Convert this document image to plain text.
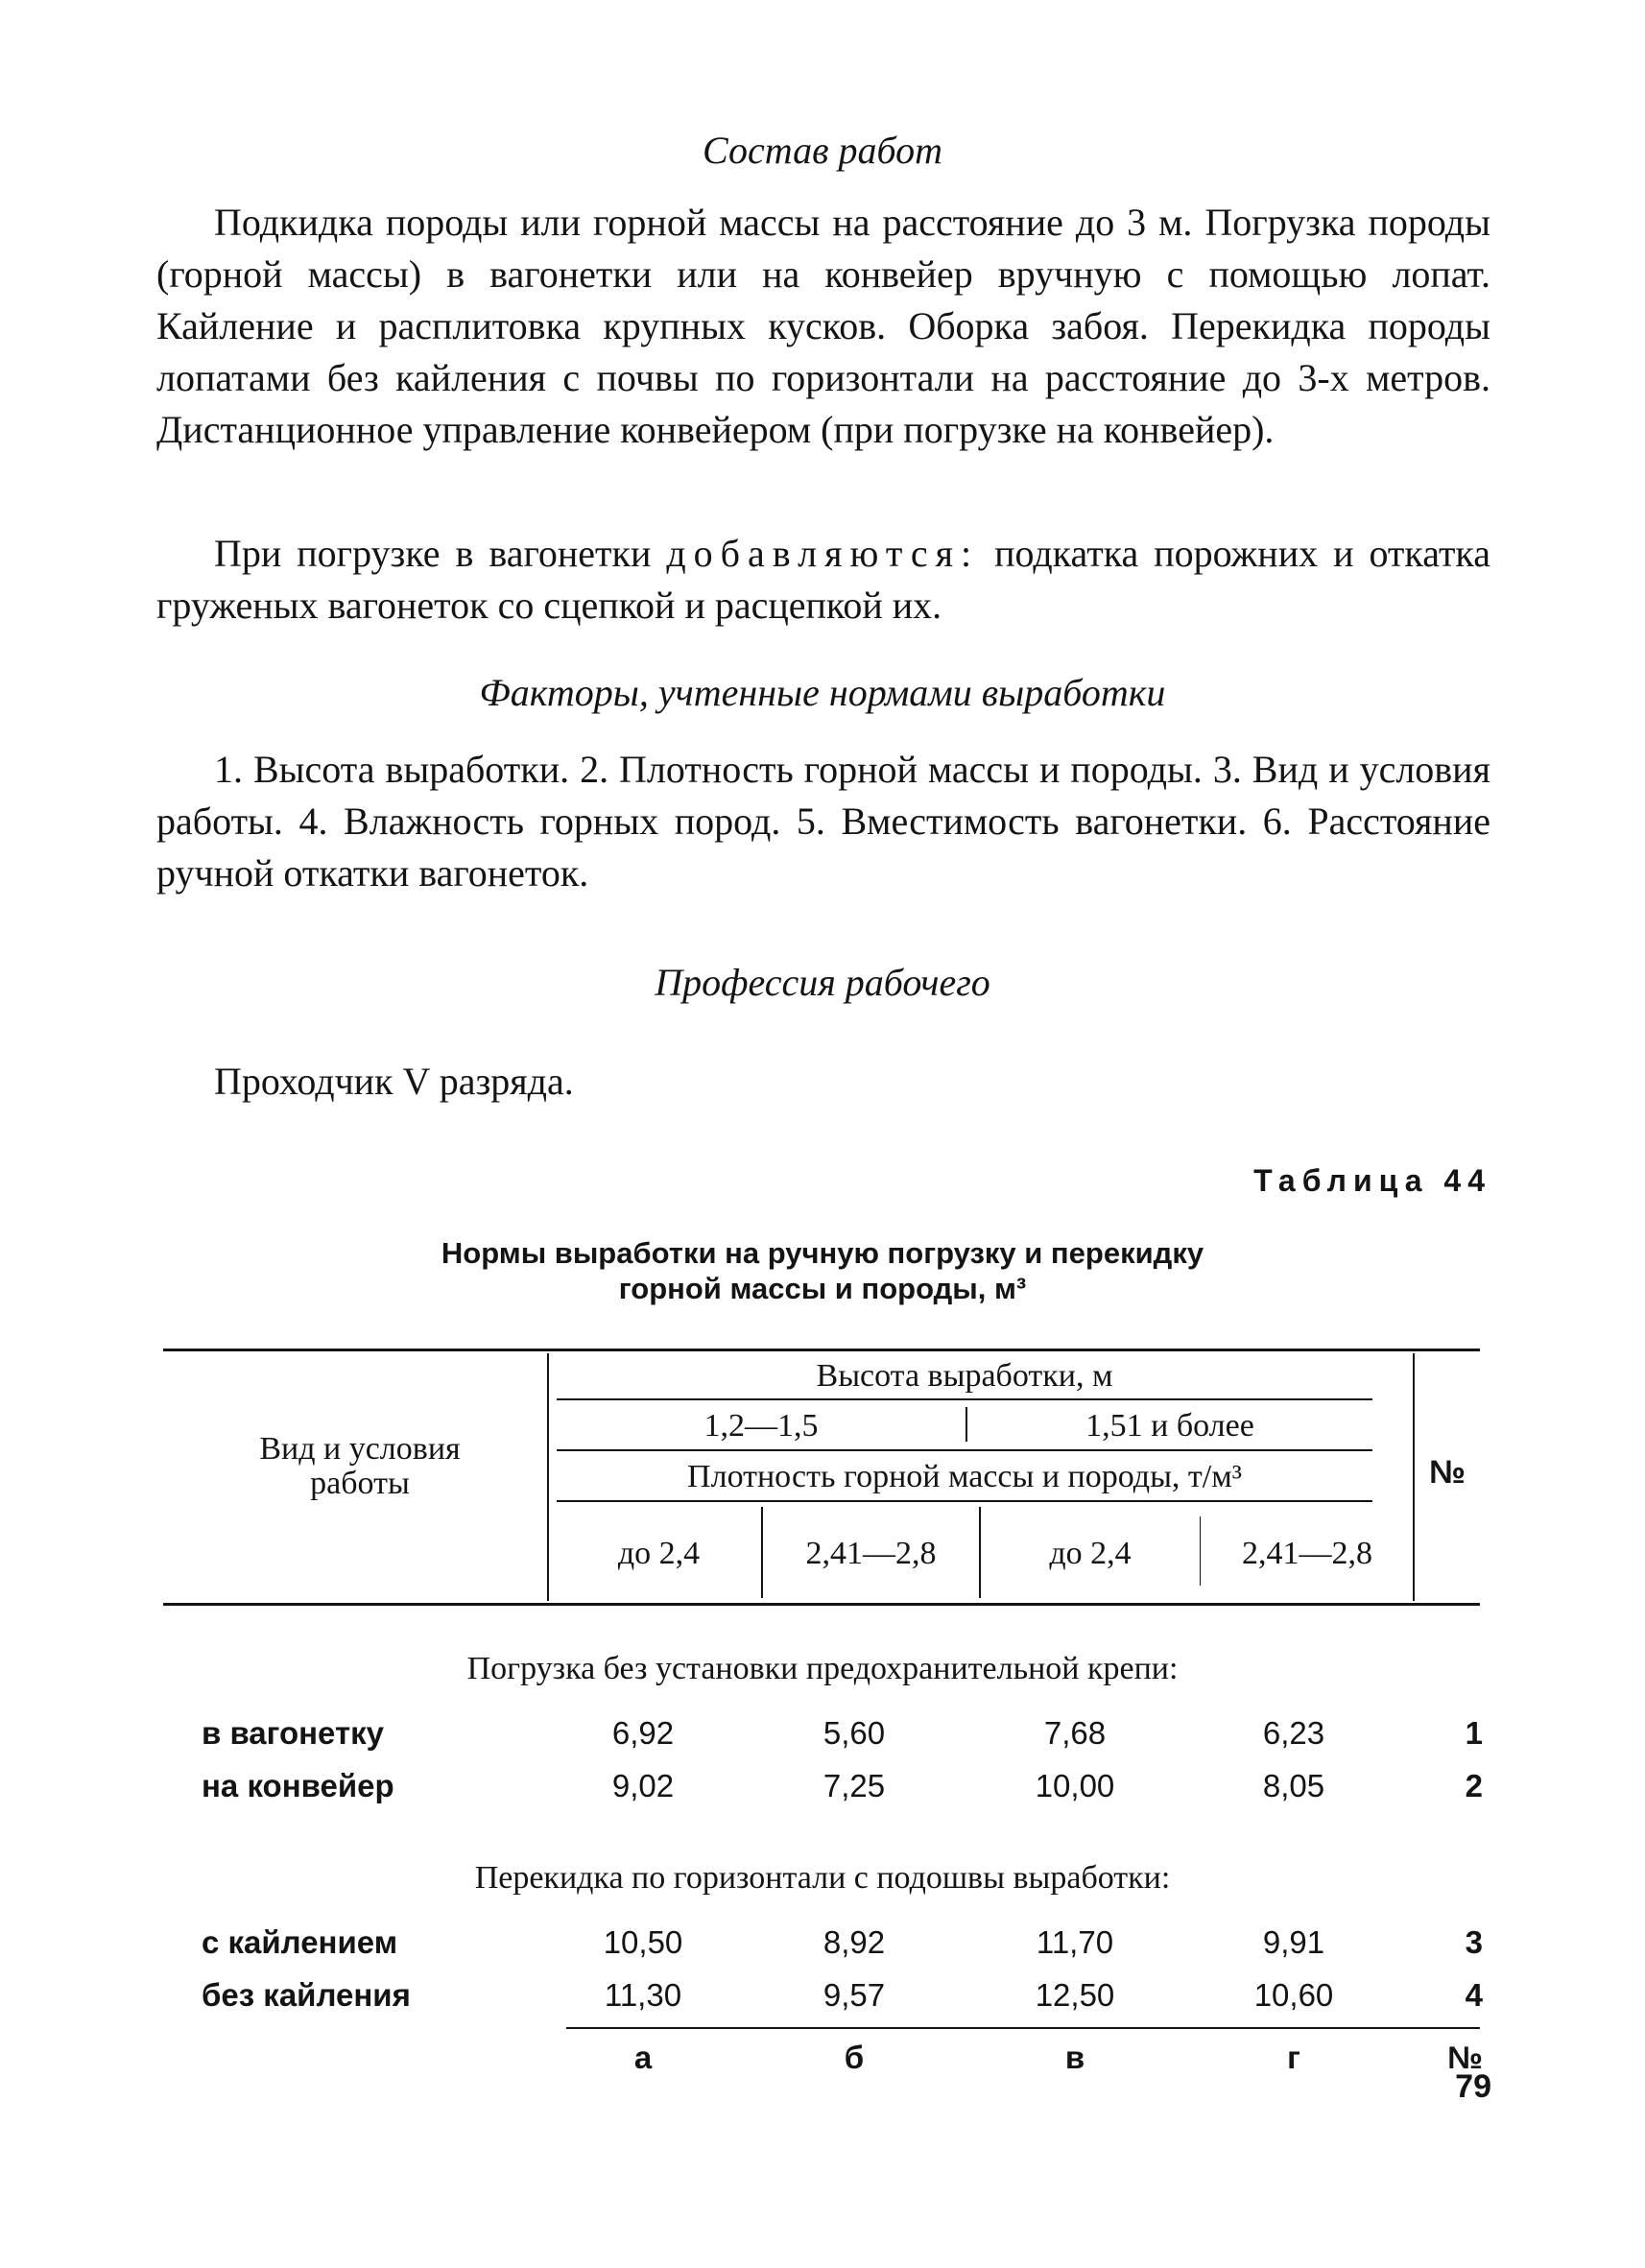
Состав работ

Подкидка породы или горной массы на расстояние до 3 м. Погрузка породы (горной массы) в вагонетки или на конвейер вручную с помощью лопат. Кайление и расплитовка крупных кусков. Оборка забоя. Перекидка породы лопатами без кайления с почвы по горизонтали на расстояние до 3-х метров. Дистанционное управление конвейером (при погрузке на конвейер).

При погрузке в вагонетки добавляются: подкатка порожних и откатка груженых вагонеток со сцепкой и расцепкой их.

Факторы, учтенные нормами выработки

1. Высота выработки. 2. Плотность горной массы и породы. 3. Вид и условия работы. 4. Влажность горных пород. 5. Вместимость вагонетки. 6. Расстояние ручной откатки вагонеток.

Профессия рабочего

Проходчик V разряда.

Таблица 44

Нормы выработки на ручную погрузку и перекидку
горной массы и породы, м³

Вид и условия
работы
Высота выработки, м
1,2—1,5	1,51 и более
Плотность горной массы и породы, т/м³
до 2,4	2,41—2,8	до 2,4	2,41—2,8
№
Погрузка без установки предохранительной крепи:
в вагонетку	6,92	5,60	7,68	6,23	1
на конвейер	9,02	7,25	10,00	8,05	2
Перекидка по горизонтали с подошвы выработки:
с кайлением	10,50	8,92	11,70	9,91	3
без кайления	11,30	9,57	12,50	10,60	4
а	б	в	г	№
79
